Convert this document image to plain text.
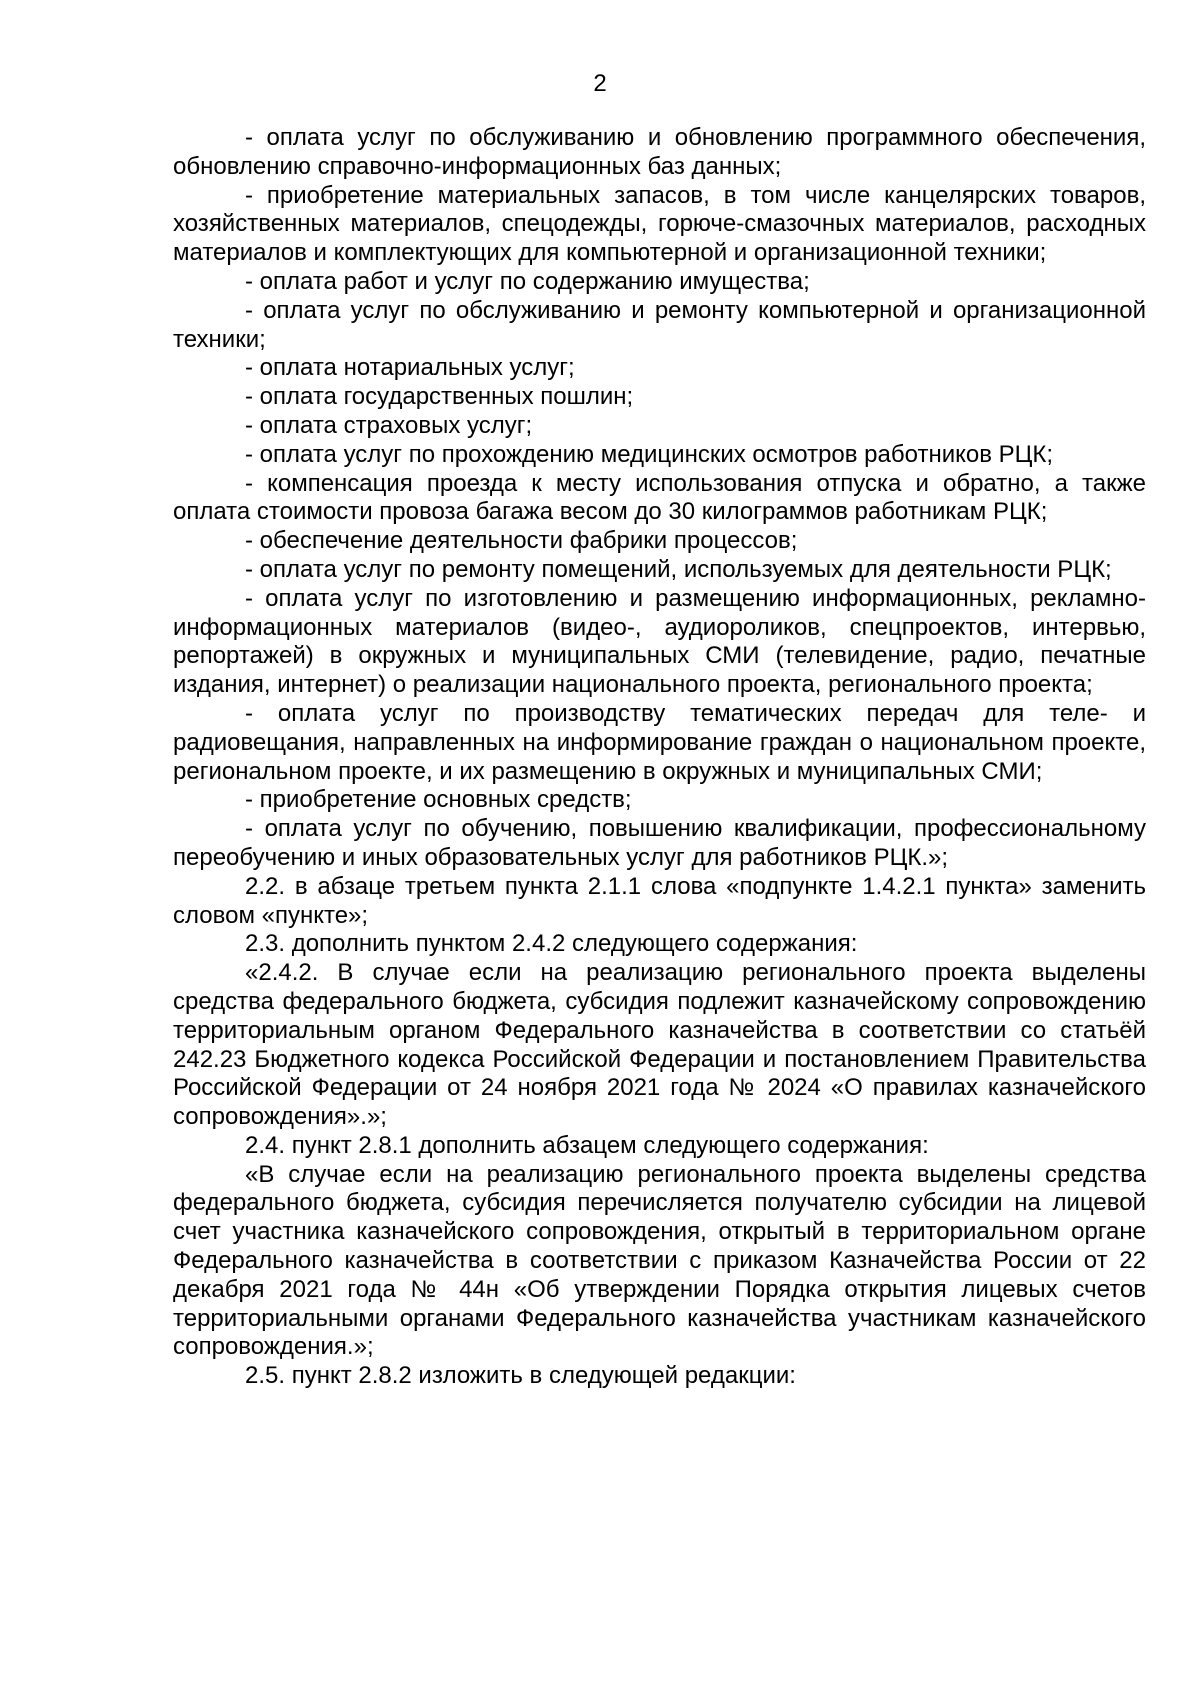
2

- оплата услуг по обслуживанию и обновлению программного обеспечения, обновлению справочно-информационных баз данных;

- приобретение материальных запасов, в том числе канцелярских товаров, хозяйственных материалов, спецодежды, горюче-смазочных материалов, расходных материалов и комплектующих для компьютерной и организационной техники;

- оплата работ и услуг по содержанию имущества;

- оплата услуг по обслуживанию и ремонту компьютерной и организационной техники;

- оплата нотариальных услуг;

- оплата государственных пошлин;

- оплата страховых услуг;

- оплата услуг по прохождению медицинских осмотров работников РЦК;

- компенсация проезда к месту использования отпуска и обратно, а также оплата стоимости провоза багажа весом до 30 килограммов работникам РЦК;

- обеспечение деятельности фабрики процессов;

- оплата услуг по ремонту помещений, используемых для деятельности РЦК;

- оплата услуг по изготовлению и размещению информационных, рекламно-информационных материалов (видео-, аудиороликов, спецпроектов, интервью, репортажей) в окружных и муниципальных СМИ (телевидение, радио, печатные издания, интернет) о реализации национального проекта, регионального проекта;

- оплата услуг по производству тематических передач для теле- и радиовещания, направленных на информирование граждан о национальном проекте, региональном проекте, и их размещению в окружных и муниципальных СМИ;

- приобретение основных средств;

- оплата услуг по обучению, повышению квалификации, профессиональному переобучению и иных образовательных услуг для работников РЦК.»;

2.2. в абзаце третьем пункта 2.1.1 слова «подпункте 1.4.2.1 пункта» заменить словом «пункте»;

2.3. дополнить пунктом 2.4.2 следующего содержания:

«2.4.2. В случае если на реализацию регионального проекта выделены средства федерального бюджета, субсидия подлежит казначейскому сопровождению территориальным органом Федерального казначейства в соответствии со статьёй 242.23 Бюджетного кодекса Российской Федерации и постановлением Правительства Российской Федерации от 24 ноября 2021 года № 2024 «О правилах казначейского сопровождения».»;

2.4. пункт 2.8.1 дополнить абзацем следующего содержания:

«В случае если на реализацию регионального проекта выделены средства федерального бюджета, субсидия перечисляется получателю субсидии на лицевой счет участника казначейского сопровождения, открытый в территориальном органе Федерального казначейства в соответствии с приказом Казначейства России от 22 декабря 2021 года № 44н «Об утверждении Порядка открытия лицевых счетов территориальными органами Федерального казначейства участникам казначейского сопровождения.»;

2.5. пункт 2.8.2 изложить в следующей редакции:
